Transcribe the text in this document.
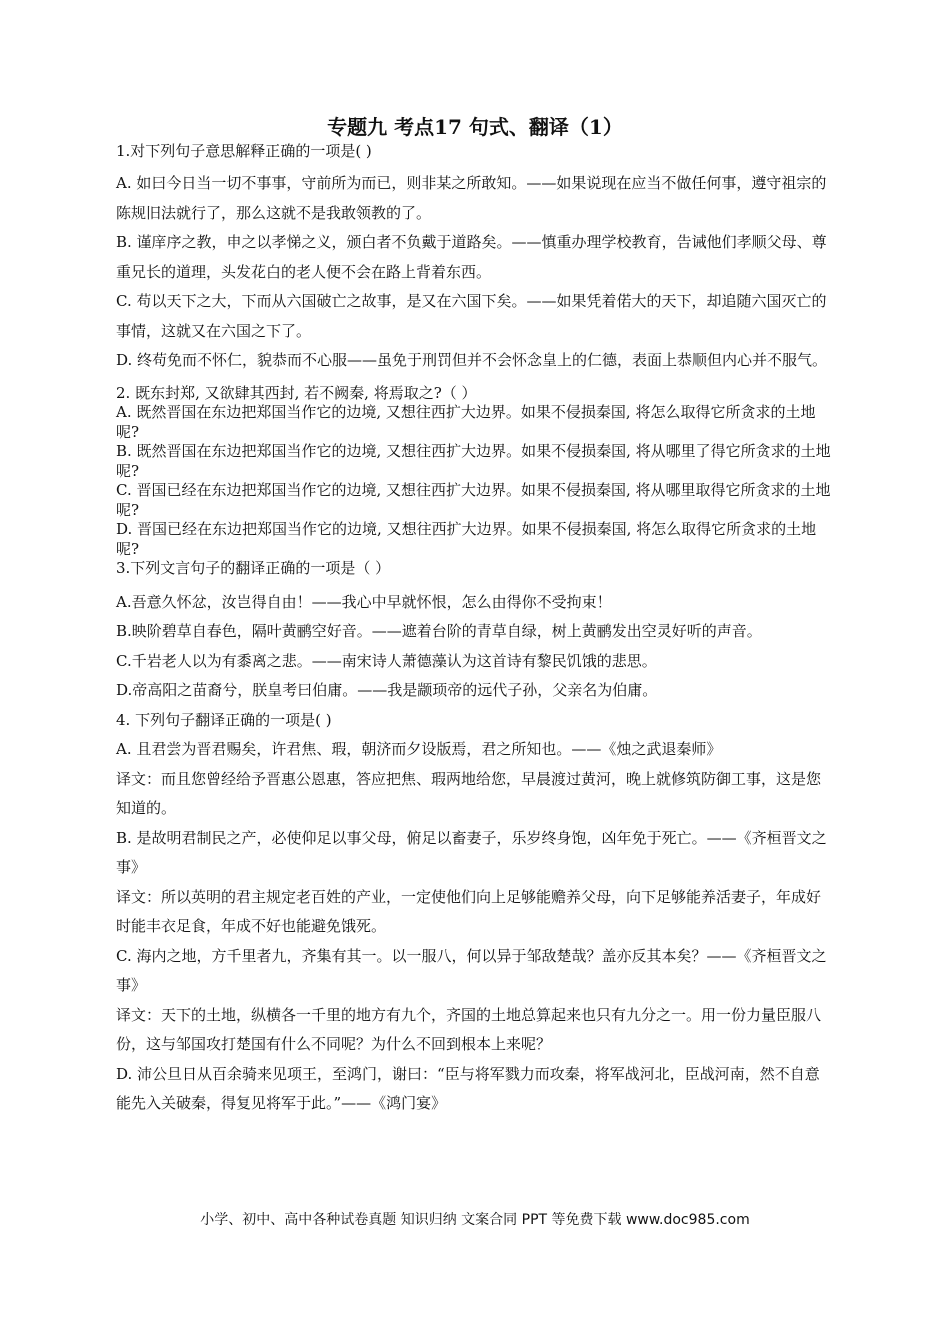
专题九 考点17 句式、翻译（1）

1.对下列句子意思解释正确的一项是( )

A. 如曰今日当一切不事事，守前所为而已，则非某之所敢知。——如果说现在应当不做任何事，遵守祖宗的陈规旧法就行了，那么这就不是我敢领教的了。

B. 谨庠序之教，申之以孝悌之义，颁白者不负戴于道路矣。——慎重办理学校教育，告诫他们孝顺父母、尊重兄长的道理，头发花白的老人便不会在路上背着东西。

C. 苟以天下之大，下而从六国破亡之故事，是又在六国下矣。——如果凭着偌大的天下，却追随六国灭亡的事情，这就又在六国之下了。

D. 终苟免而不怀仁，貌恭而不心服——虽免于刑罚但并不会怀念皇上的仁德，表面上恭顺但内心并不服气。

2. 既东封郑, 又欲肆其西封, 若不阙秦, 将焉取之?（ ）

A. 既然晋国在东边把郑国当作它的边境, 又想往西扩大边界。如果不侵损秦国, 将怎么取得它所贪求的土地呢?

B. 既然晋国在东边把郑国当作它的边境, 又想往西扩大边界。如果不侵损秦国, 将从哪里了得它所贪求的土地呢?

C. 晋国已经在东边把郑国当作它的边境, 又想往西扩大边界。如果不侵损秦国, 将从哪里取得它所贪求的土地呢?

D. 晋国已经在东边把郑国当作它的边境, 又想往西扩大边界。如果不侵损秦国, 将怎么取得它所贪求的土地呢?

3.下列文言句子的翻译正确的一项是（ ）

A.吾意久怀忿，汝岂得自由！——我心中早就怀恨，怎么由得你不受拘束！

B.映阶碧草自春色，隔叶黄鹂空好音。——遮着台阶的青草自绿，树上黄鹂发出空灵好听的声音。

C.千岩老人以为有黍离之悲。——南宋诗人萧德藻认为这首诗有黎民饥饿的悲思。

D.帝高阳之苗裔兮，朕皇考曰伯庸。——我是颛顼帝的远代子孙，父亲名为伯庸。

4. 下列句子翻译正确的一项是( )

A. 且君尝为晋君赐矣，许君焦、瑕，朝济而夕设版焉，君之所知也。——《烛之武退秦师》

译文：而且您曾经给予晋惠公恩惠，答应把焦、瑕两地给您，早晨渡过黄河，晚上就修筑防御工事，这是您知道的。

B. 是故明君制民之产，必使仰足以事父母，俯足以畜妻子，乐岁终身饱，凶年免于死亡。——《齐桓晋文之事》

译文：所以英明的君主规定老百姓的产业，一定使他们向上足够能赡养父母，向下足够能养活妻子，年成好时能丰衣足食，年成不好也能避免饿死。

C. 海内之地，方千里者九，齐集有其一。以一服八，何以异于邹敌楚哉？盖亦反其本矣？——《齐桓晋文之事》

译文：天下的土地，纵横各一千里的地方有九个，齐国的土地总算起来也只有九分之一。用一份力量臣服八份，这与邹国攻打楚国有什么不同呢？为什么不回到根本上来呢？

D. 沛公旦日从百余骑来见项王，至鸿门，谢曰：“臣与将军戮力而攻秦，将军战河北，臣战河南，然不自意能先入关破秦，得复见将军于此。”——《鸿门宴》

小学、初中、高中各种试卷真题 知识归纳 文案合同 PPT 等免费下载 www.doc985.com
